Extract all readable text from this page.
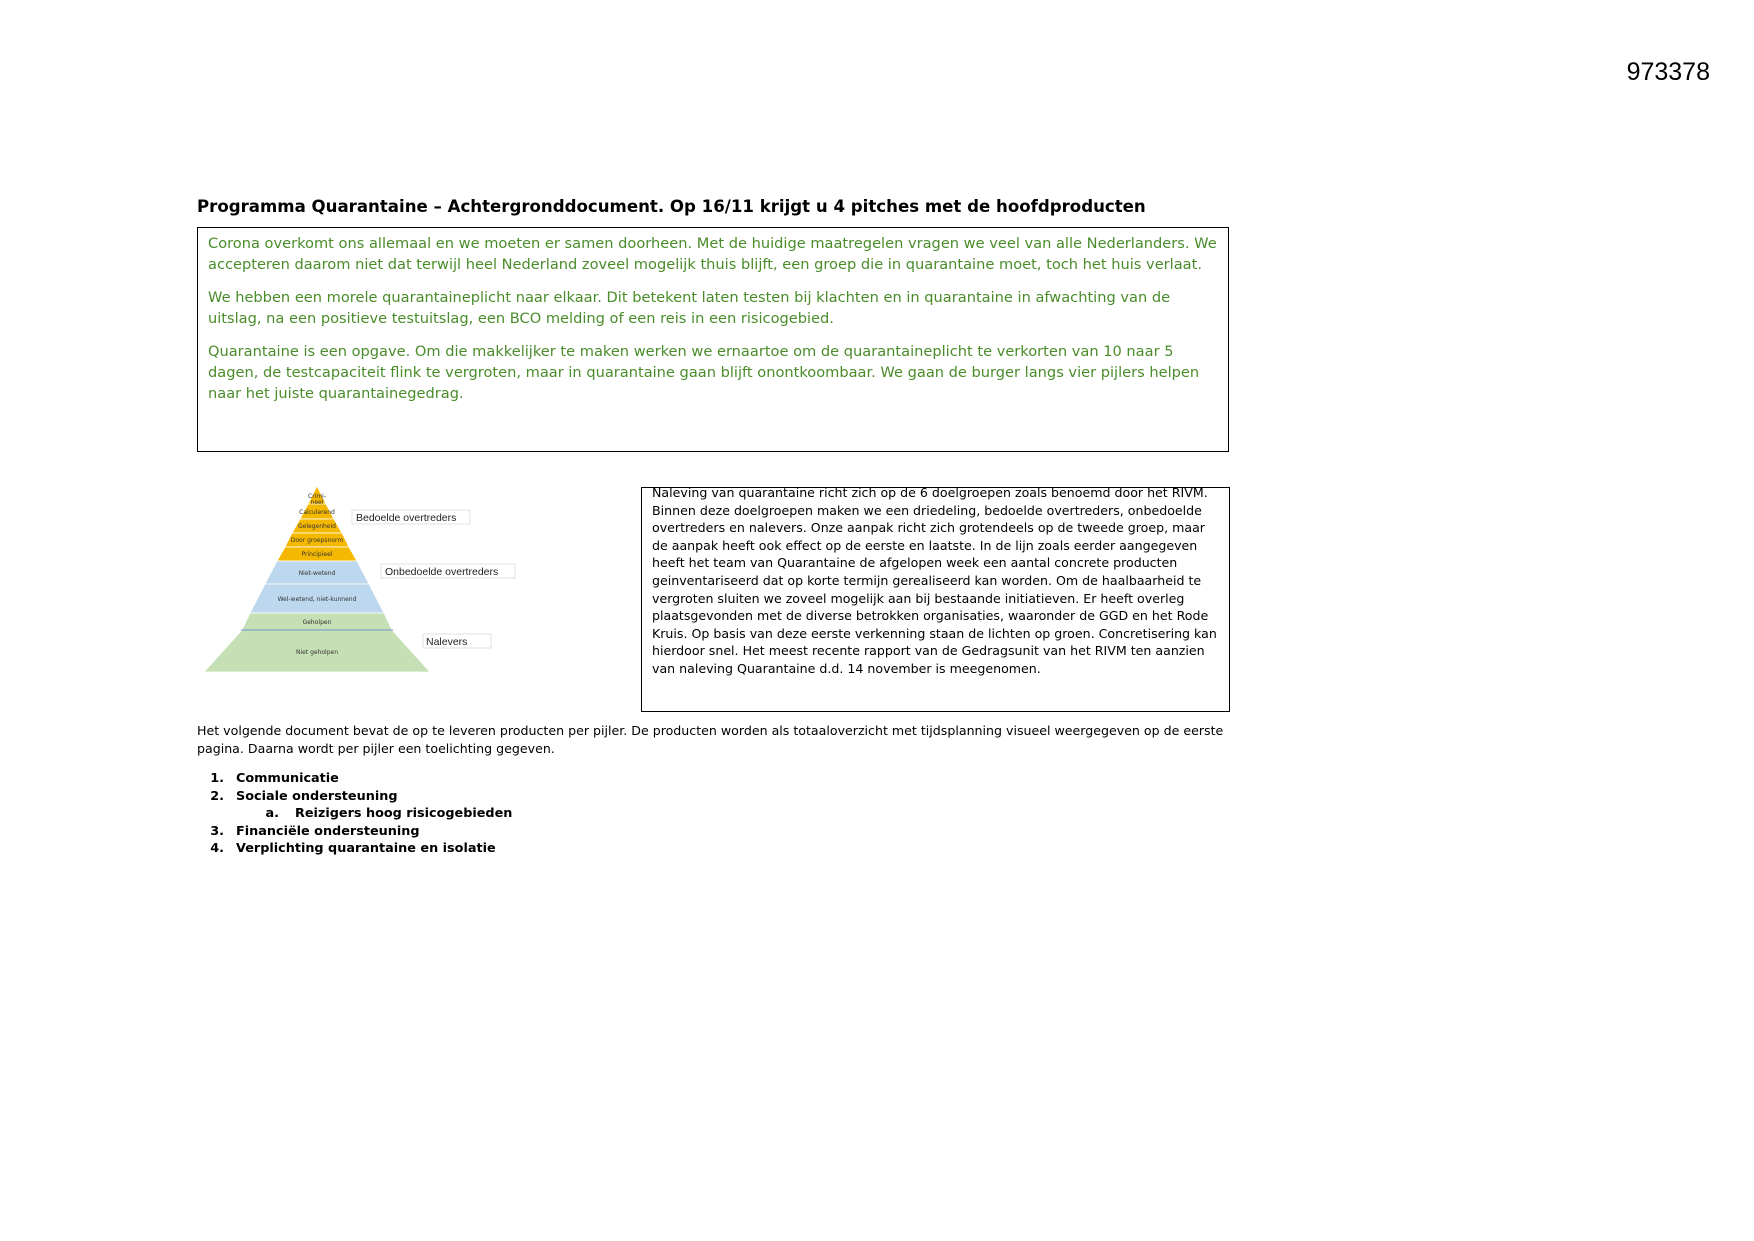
973378
Programma Quarantaine – Achtergronddocument. Op 16/11 krijgt u 4 pitches met de hoofdproducten

Corona overkomt ons allemaal en we moeten er samen doorheen. Met de huidige maatregelen vragen we veel van alle Nederlanders. We accepteren daarom niet dat terwijl heel Nederland zoveel mogelijk thuis blijft, een groep die in quarantaine moet, toch het huis verlaat.

We hebben een morele quarantaineplicht naar elkaar. Dit betekent laten testen bij klachten en in quarantaine in afwachting van de uitslag, na een positieve testuitslag, een BCO melding of een reis in een risicogebied.

Quarantaine is een opgave. Om die makkelijker te maken werken we ernaartoe om de quarantaineplicht te verkorten van 10 naar 5 dagen, de testcapaciteit flink te vergroten, maar in quarantaine gaan blijft onontkoombaar. We gaan de burger langs vier pijlers helpen naar het juiste quarantainegedrag.

Crimi-
neel
Calculerend
Gelegenheid
Door groepsnorm
Principieel
Niet-wetend
Wel-wetend, niet-kunnend
Geholpen
Niet geholpen
Bedoelde overtreders
Onbedoelde overtreders
Nalevers

Naleving van quarantaine richt zich op de 6 doelgroepen zoals benoemd door het RIVM. Binnen deze doelgroepen maken we een driedeling, bedoelde overtreders, onbedoelde overtreders en nalevers. Onze aanpak richt zich grotendeels op de tweede groep, maar de aanpak heeft ook effect op de eerste en laatste. In de lijn zoals eerder aangegeven heeft het team van Quarantaine de afgelopen week een aantal concrete producten geinventariseerd dat op korte termijn gerealiseerd kan worden. Om de haalbaarheid te vergroten sluiten we zoveel mogelijk aan bij bestaande initiatieven. Er heeft overleg plaatsgevonden met de diverse betrokken organisaties, waaronder de GGD en het Rode Kruis. Op basis van deze eerste verkenning staan de lichten op groen. Concretisering kan hierdoor snel. Het meest recente rapport van de Gedragsunit van het RIVM ten aanzien van naleving Quarantaine d.d. 14 november is meegenomen.

Het volgende document bevat de op te leveren producten per pijler. De producten worden als totaaloverzicht met tijdsplanning visueel weergegeven op de eerste pagina. Daarna wordt per pijler een toelichting gegeven.
1. Communicatie
2. Sociale ondersteuning
a. Reizigers hoog risicogebieden
3. Financiële ondersteuning
4. Verplichting quarantaine en isolatie
